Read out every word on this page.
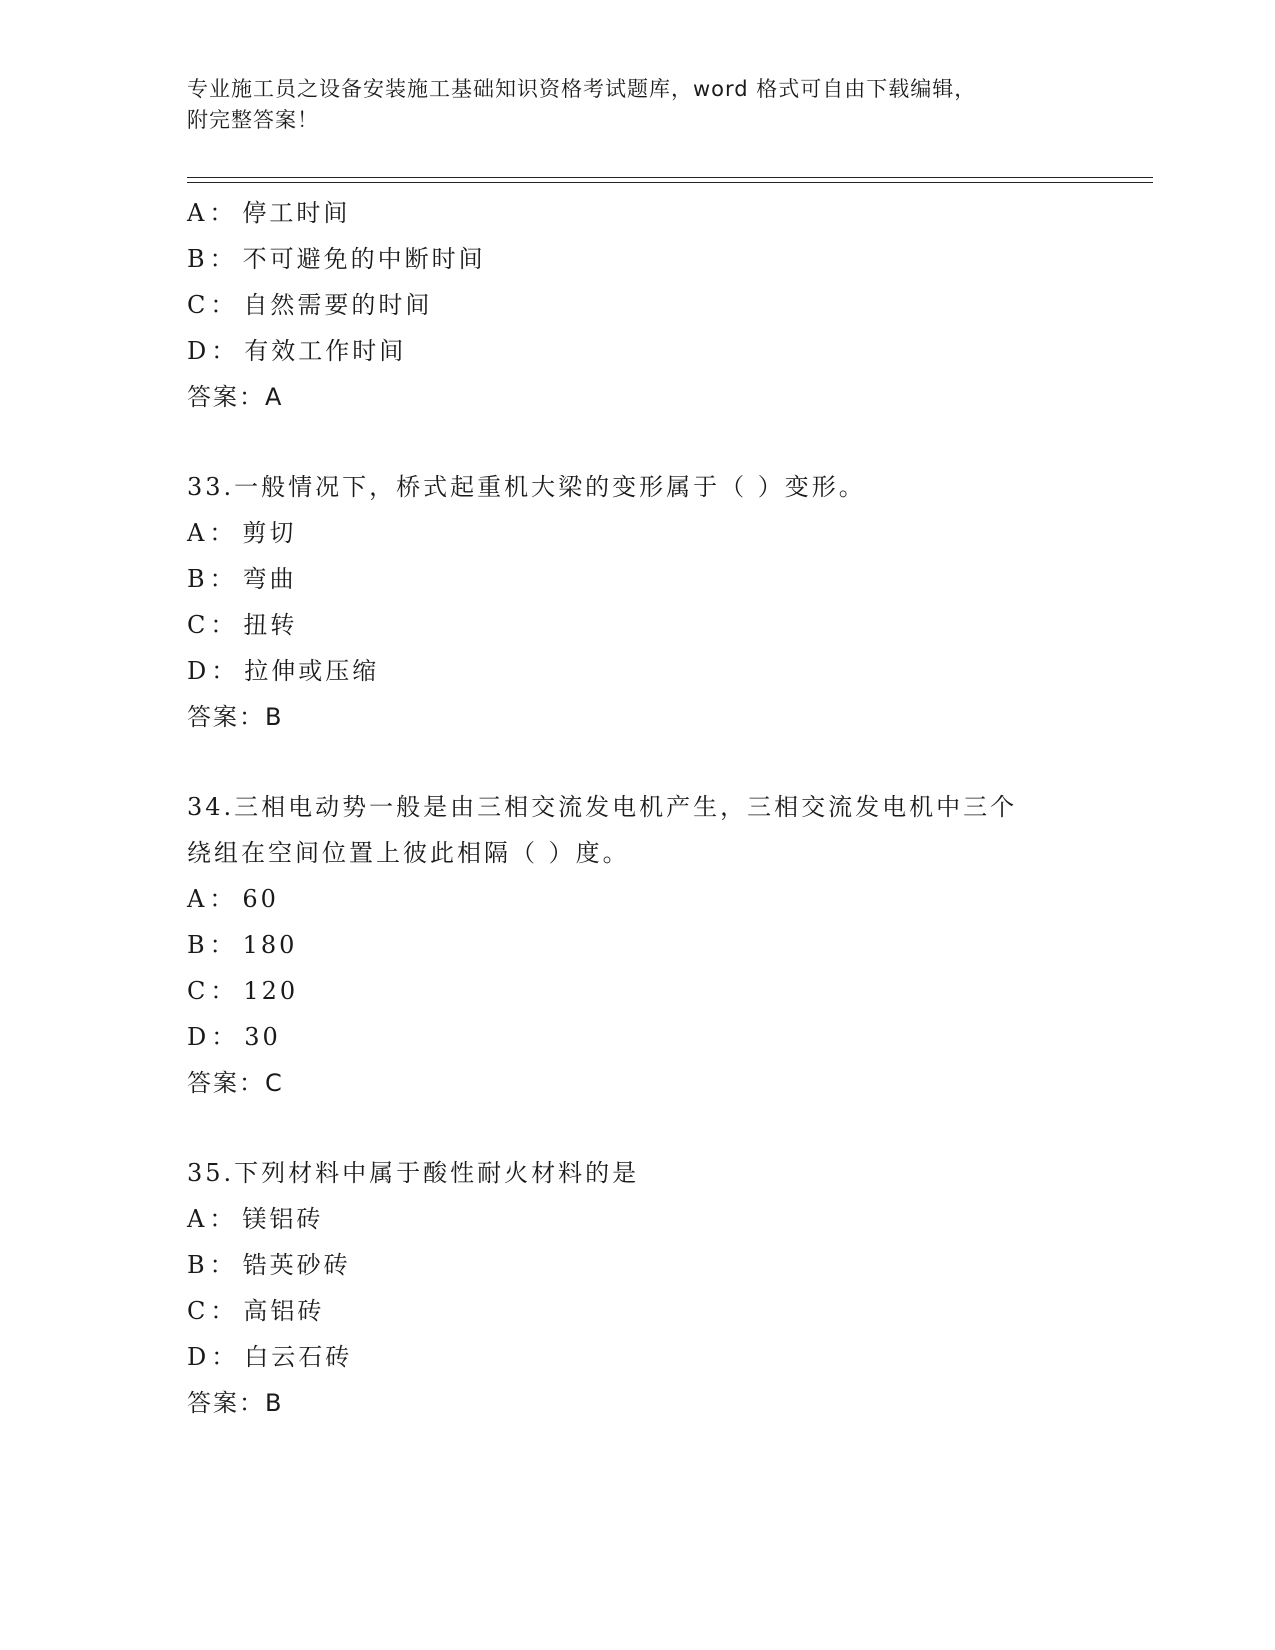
专业施工员之设备安装施工基础知识资格考试题库，word 格式可自由下载编辑，
附完整答案！
A： 停工时间
B： 不可避免的中断时间
C： 自然需要的时间
D： 有效工作时间
答案：A
33.一般情况下，桥式起重机大梁的变形属于（ ）变形。
A： 剪切
B： 弯曲
C： 扭转
D： 拉伸或压缩
答案：B
34.三相电动势一般是由三相交流发电机产生，三相交流发电机中三个
绕组在空间位置上彼此相隔（ ）度。
A： 60
B： 180
C： 120
D： 30
答案：C
35.下列材料中属于酸性耐火材料的是
A： 镁铝砖
B： 锆英砂砖
C： 高铝砖
D： 白云石砖
答案：B
